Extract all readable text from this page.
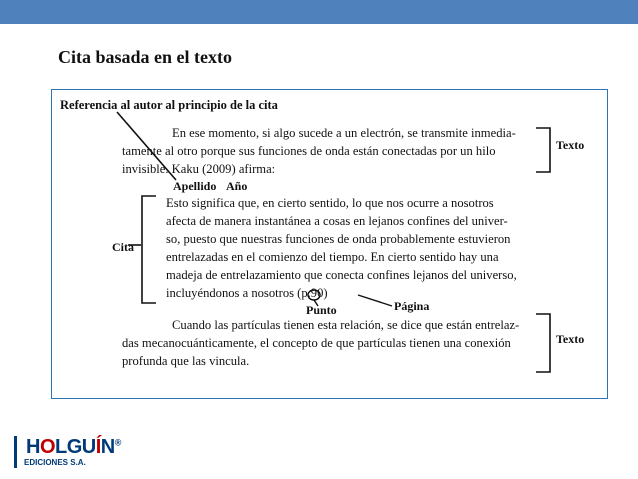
Cita basada en el texto
Referencia al autor al principio de la cita
En ese momento, si algo sucede a un electrón, se transmite inmedia-
tamente al otro porque sus funciones de onda están conectadas por un hilo
invisible. Kaku (2009) afirma:
Apellido Año
Esto significa que, en cierto sentido, lo que nos ocurre a nosotros
afecta de manera instantánea a cosas en lejanos confines del univer-
so, puesto que nuestras funciones de onda probablemente estuvieron
entrelazadas en el comienzo del tiempo. En cierto sentido hay una
madeja de entrelazamiento que conecta confines lejanos del universo,
incluyéndonos a nosotros (p.90)
Cita
Texto
Texto
Punto	Página
Cuando las partículas tienen esta relación, se dice que están entrelaz-
das mecanocuánticamente, el concepto de que partículas tienen una conexión
profunda que las vincula.
HOLGUÍN®
EDICIONES S.A.
